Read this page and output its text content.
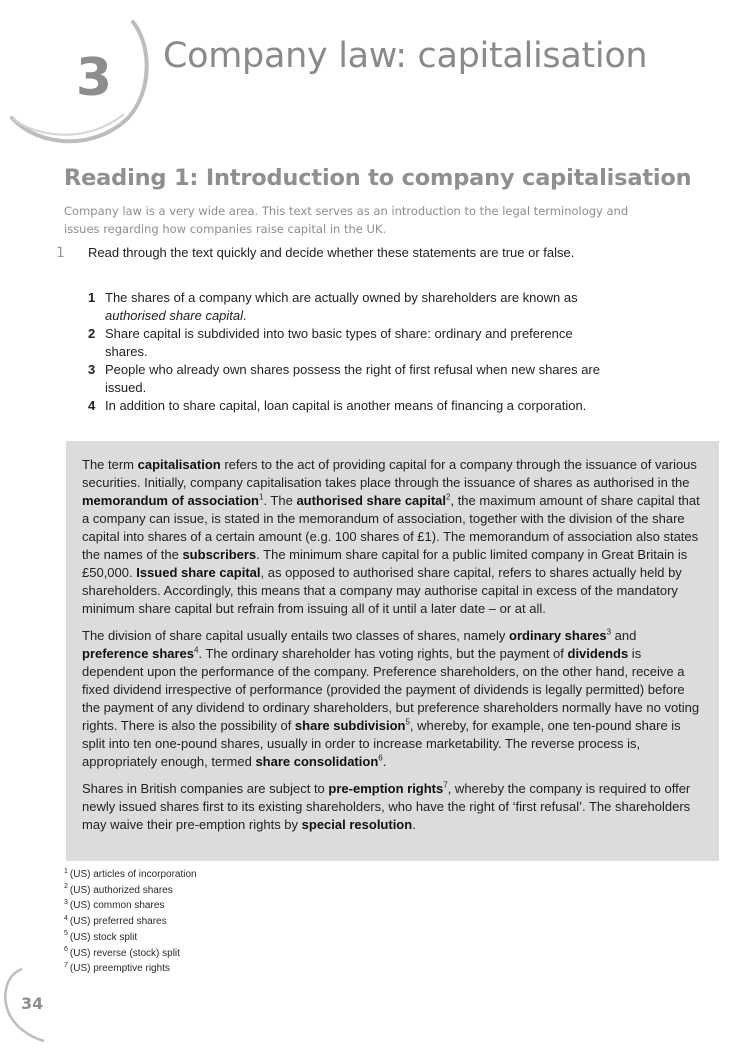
3	Company law: capitalisation
Reading 1: Introduction to company capitalisation
Company law is a very wide area. This text serves as an introduction to the legal terminology and issues regarding how companies raise capital in the UK.
1	Read through the text quickly and decide whether these statements are true or false.
1 The shares of a company which are actually owned by shareholders are known as authorised share capital.
2 Share capital is subdivided into two basic types of share: ordinary and preference shares.
3 People who already own shares possess the right of first refusal when new shares are issued.
4 In addition to share capital, loan capital is another means of financing a corporation.

The term capitalisation refers to the act of providing capital for a company through the issuance of various securities. Initially, company capitalisation takes place through the issuance of shares as authorised in the memorandum of association$^1$. The authorised share capital$^2$, the maximum amount of share capital that a company can issue, is stated in the memorandum of association, together with the division of the share capital into shares of a certain amount (e.g. 100 shares of £1). The memorandum of association also states the names of the subscribers. The minimum share capital for a public limited company in Great Britain is £50,000. Issued share capital, as opposed to authorised share capital, refers to shares actually held by shareholders. Accordingly, this means that a company may authorise capital in excess of the mandatory minimum share capital but refrain from issuing all of it until a later date – or at all.

The division of share capital usually entails two classes of shares, namely ordinary shares$^3$ and preference shares$^4$. The ordinary shareholder has voting rights, but the payment of dividends is dependent upon the performance of the company. Preference shareholders, on the other hand, receive a fixed dividend irrespective of performance (provided the payment of dividends is legally permitted) before the payment of any dividend to ordinary shareholders, but preference shareholders normally have no voting rights. There is also the possibility of share subdivision$^5$, whereby, for example, one ten-pound share is split into ten one-pound shares, usually in order to increase marketability. The reverse process is, appropriately enough, termed share consolidation$^6$.

Shares in British companies are subject to pre-emption rights$^7$, whereby the company is required to offer newly issued shares first to its existing shareholders, who have the right of ‘first refusal’. The shareholders may waive their pre-emption rights by special resolution.

$^1$ (US) articles of incorporation
$^2$ (US) authorized shares
$^3$ (US) common shares
$^4$ (US) preferred shares
$^5$ (US) stock split
$^6$ (US) reverse (stock) split
$^7$ (US) preemptive rights
34
